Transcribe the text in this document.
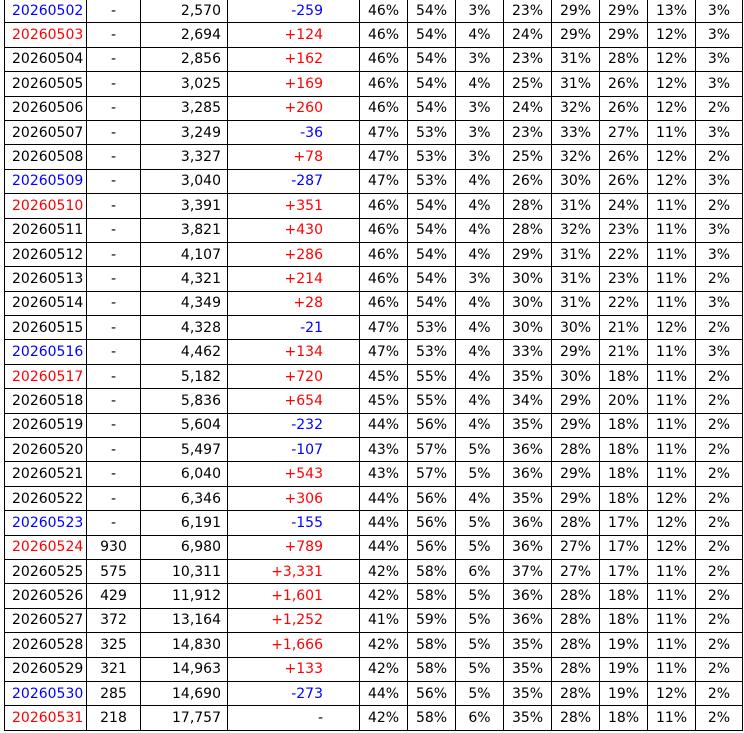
20260502	-	2,570	-259	46%	54%	3%	23%	29%	29%	13%	3%
20260503	-	2,694	+124	46%	54%	4%	24%	29%	29%	12%	3%
20260504	-	2,856	+162	46%	54%	3%	23%	31%	28%	12%	3%
20260505	-	3,025	+169	46%	54%	4%	25%	31%	26%	12%	3%
20260506	-	3,285	+260	46%	54%	3%	24%	32%	26%	12%	2%
20260507	-	3,249	-36	47%	53%	3%	23%	33%	27%	11%	3%
20260508	-	3,327	+78	47%	53%	3%	25%	32%	26%	12%	2%
20260509	-	3,040	-287	47%	53%	4%	26%	30%	26%	12%	3%
20260510	-	3,391	+351	46%	54%	4%	28%	31%	24%	11%	2%
20260511	-	3,821	+430	46%	54%	4%	28%	32%	23%	11%	3%
20260512	-	4,107	+286	46%	54%	4%	29%	31%	22%	11%	3%
20260513	-	4,321	+214	46%	54%	3%	30%	31%	23%	11%	2%
20260514	-	4,349	+28	46%	54%	4%	30%	31%	22%	11%	3%
20260515	-	4,328	-21	47%	53%	4%	30%	30%	21%	12%	2%
20260516	-	4,462	+134	47%	53%	4%	33%	29%	21%	11%	3%
20260517	-	5,182	+720	45%	55%	4%	35%	30%	18%	11%	2%
20260518	-	5,836	+654	45%	55%	4%	34%	29%	20%	11%	2%
20260519	-	5,604	-232	44%	56%	4%	35%	29%	18%	11%	2%
20260520	-	5,497	-107	43%	57%	5%	36%	28%	18%	11%	2%
20260521	-	6,040	+543	43%	57%	5%	36%	29%	18%	11%	2%
20260522	-	6,346	+306	44%	56%	4%	35%	29%	18%	12%	2%
20260523	-	6,191	-155	44%	56%	5%	36%	28%	17%	12%	2%
20260524	930	6,980	+789	44%	56%	5%	36%	27%	17%	12%	2%
20260525	575	10,311	+3,331	42%	58%	6%	37%	27%	17%	11%	2%
20260526	429	11,912	+1,601	42%	58%	5%	36%	28%	18%	11%	2%
20260527	372	13,164	+1,252	41%	59%	5%	36%	28%	18%	11%	2%
20260528	325	14,830	+1,666	42%	58%	5%	35%	28%	19%	11%	2%
20260529	321	14,963	+133	42%	58%	5%	35%	28%	19%	11%	2%
20260530	285	14,690	-273	44%	56%	5%	35%	28%	19%	12%	2%
20260531	218	17,757	-	42%	58%	6%	35%	28%	18%	11%	2%
